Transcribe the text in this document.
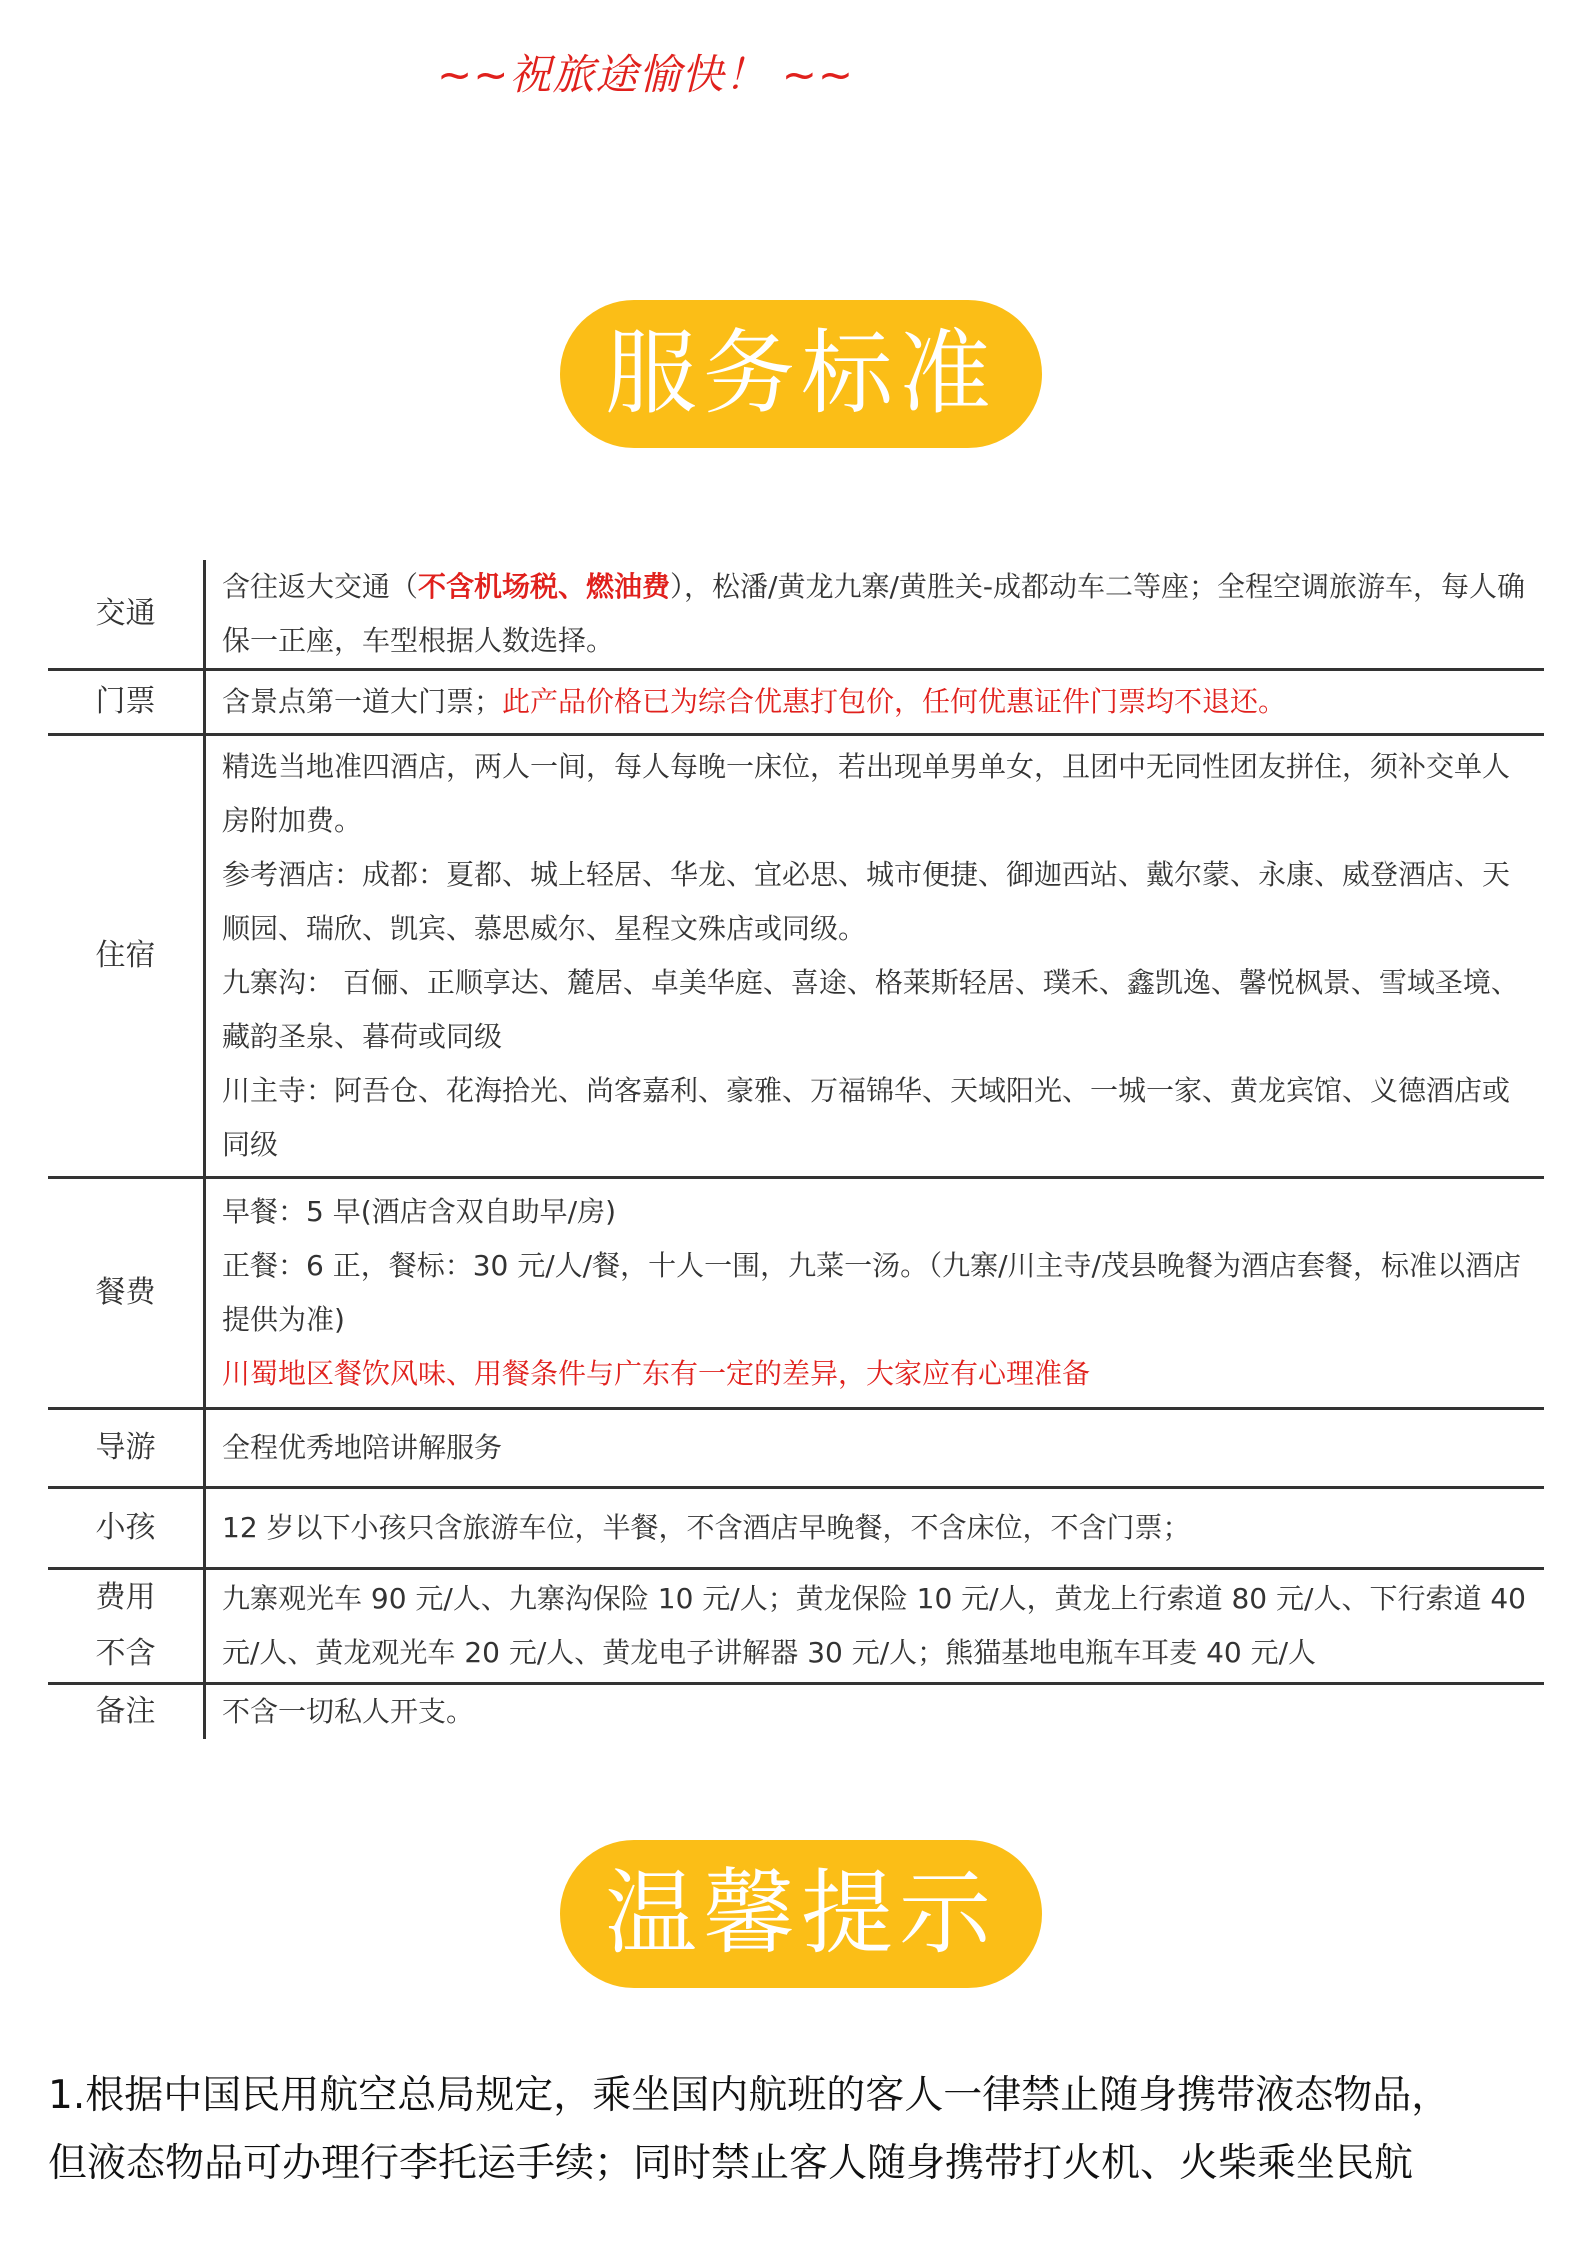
~~祝旅途愉快！ ~~
服务标准
交通	含往返大交通（不含机场税、燃油费），松潘/黄龙九寨/黄胜关-成都动车二等座；全程空调旅游车，每人确保一正座，车型根据人数选择。
门票	含景点第一道大门票；此产品价格已为综合优惠打包价，任何优惠证件门票均不退还。
住宿	精选当地准四酒店，两人一间，每人每晚一床位，若出现单男单女，且团中无同性团友拼住，须补交单人房附加费。

参考酒店：成都：夏都、城上轻居、华龙、宜必思、城市便捷、御迦西站、戴尔蒙、永康、威登酒店、天顺园、瑞欣、凯宾、慕思威尔、星程文殊店或同级。

九寨沟： 百俪、正顺享达、麓居、卓美华庭、喜途、格莱斯轻居、璞禾、鑫凯逸、馨悦枫景、雪域圣境、藏韵圣泉、暮荷或同级

川主寺：阿吾仓、花海拾光、尚客嘉利、豪雅、万福锦华、天域阳光、一城一家、黄龙宾馆、义德酒店或同级

餐费	早餐：5 早(酒店含双自助早/房)

正餐：6 正，餐标：30 元/人/餐，十人一围，九菜一汤。（九寨/川主寺/茂县晚餐为酒店套餐，标准以酒店提供为准)

川蜀地区餐饮风味、用餐条件与广东有一定的差异，大家应有心理准备

导游	全程优秀地陪讲解服务
小孩	12 岁以下小孩只含旅游车位，半餐，不含酒店早晚餐，不含床位，不含门票；

费用
不含	九寨观光车 90 元/人、九寨沟保险 10 元/人；黄龙保险 10 元/人，黄龙上行索道 80 元/人、下行索道 40 元/人、黄龙观光车 20 元/人、黄龙电子讲解器 30 元/人；熊猫基地电瓶车耳麦 40 元/人
备注	不含一切私人开支。
温馨提示

1.根据中国民用航空总局规定，乘坐国内航班的客人一律禁止随身携带液态物品，

但液态物品可办理行李托运手续；同时禁止客人随身携带打火机、火柴乘坐民航
